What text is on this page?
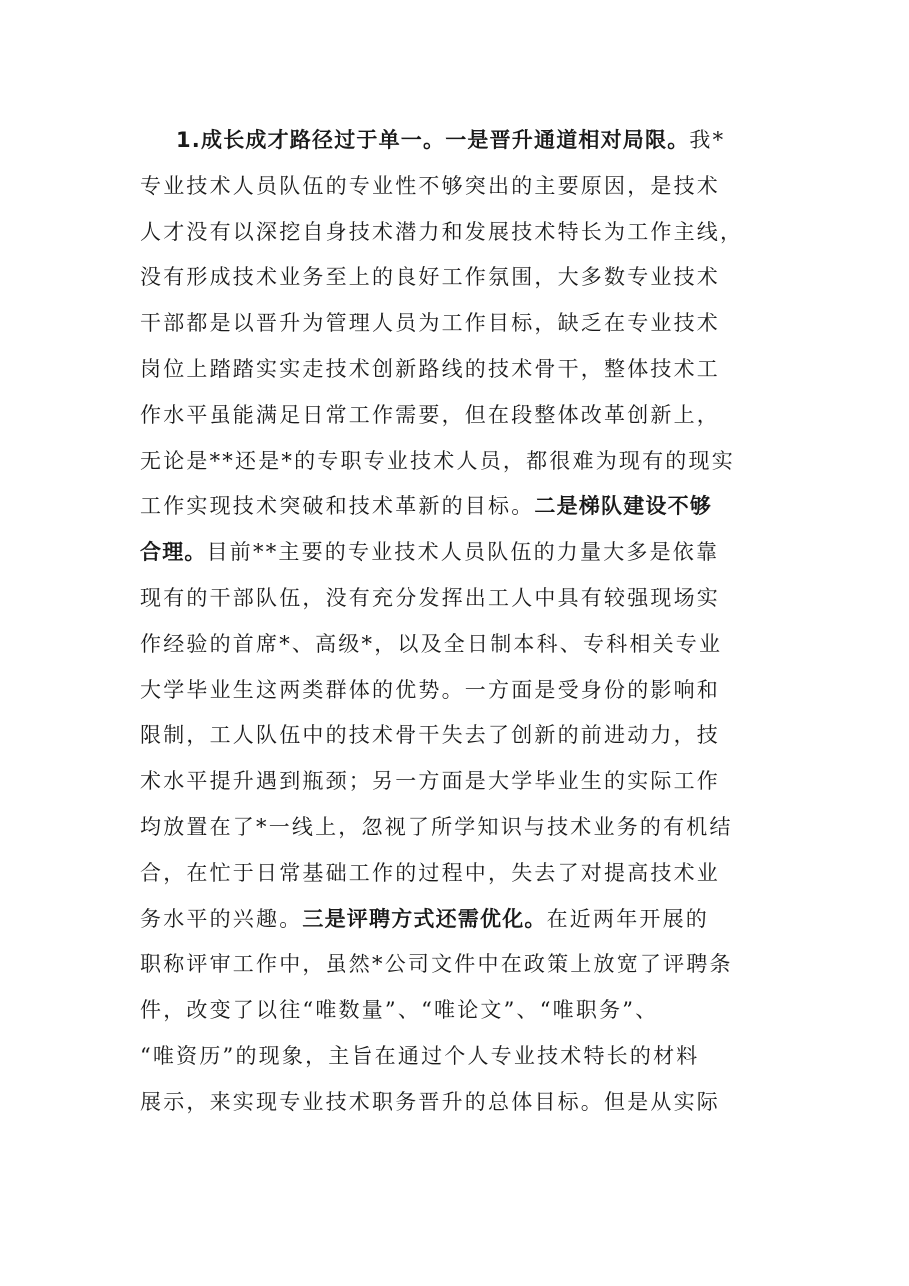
1.成长成才路径过于单一。一是晋升通道相对局限。我*
专业技术人员队伍的专业性不够突出的主要原因，是技术
人才没有以深挖自身技术潜力和发展技术特长为工作主线，
没有形成技术业务至上的良好工作氛围，大多数专业技术
干部都是以晋升为管理人员为工作目标，缺乏在专业技术
岗位上踏踏实实走技术创新路线的技术骨干，整体技术工
作水平虽能满足日常工作需要，但在段整体改革创新上，
无论是**还是*的专职专业技术人员，都很难为现有的现实
工作实现技术突破和技术革新的目标。二是梯队建设不够
合理。目前**主要的专业技术人员队伍的力量大多是依靠
现有的干部队伍，没有充分发挥出工人中具有较强现场实
作经验的首席*、高级*，以及全日制本科、专科相关专业
大学毕业生这两类群体的优势。一方面是受身份的影响和
限制，工人队伍中的技术骨干失去了创新的前进动力，技
术水平提升遇到瓶颈；另一方面是大学毕业生的实际工作
均放置在了*一线上，忽视了所学知识与技术业务的有机结
合，在忙于日常基础工作的过程中，失去了对提高技术业
务水平的兴趣。三是评聘方式还需优化。在近两年开展的
职称评审工作中，虽然*公司文件中在政策上放宽了评聘条
件，改变了以往“唯数量”、“唯论文”、“唯职务”、
“唯资历”的现象，主旨在通过个人专业技术特长的材料
展示，来实现专业技术职务晋升的总体目标。但是从实际
